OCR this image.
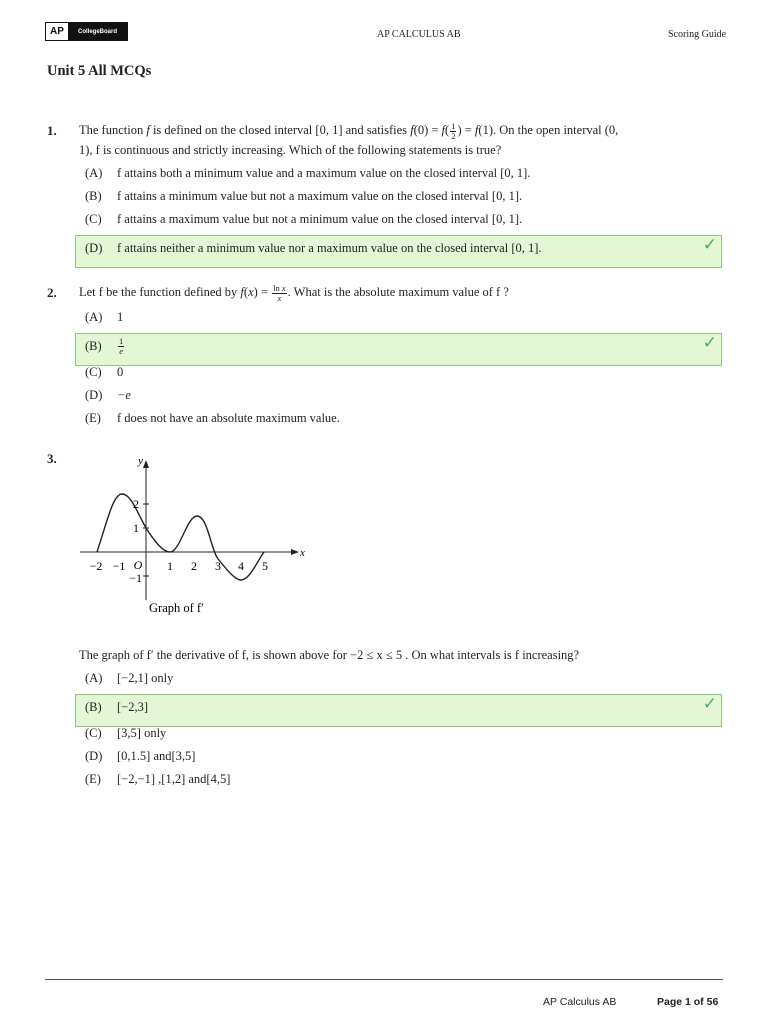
AP	CollegeBoard	AP CALCULUS AB	Scoring Guide
Unit 5 All MCQs
1. The function f is defined on the closed interval [0, 1] and satisfies $f(0) = f( \frac{1}{2}$ ) = f(1). On the open interval (0,
1), f is continuous and strictly increasing. Which of the following statements is true?
(A)	f attains both a minimum value and a maximum value on the closed interval [0, 1].
(B)	f attains a minimum value but not a maximum value on the closed interval [0, 1].
(C)	f attains a maximum value but not a minimum value on the closed interval [0, 1].
(D)	f attains neither a minimum value nor a maximum value on the closed interval [0, 1].	✓
2. Let f be the function defined by $f(x) = \frac{\text{ln x}}{x}$ . What is the absolute maximum value of f ?
(A)	1
(B)	$\frac{1}{e}$	✓
(C)	0
(D)	−e
(E)	f does not have an absolute maximum value.
3.
−2 −1 O 1 2 3 4 5
2
1
−1
x
y
Graph of f′
The graph of f′ the derivative of f, is shown above for −2 ≤ x ≤ 5 . On what intervals is f increasing?
(A)	[−2,1] only
(B)	[−2,3]	✓
(C)	[3,5] only
(D)	[0,1.5] and[3,5]
(E)	[−2,−1] ,[1,2] and[4,5]
AP Calculus AB	Page 1 of 56
